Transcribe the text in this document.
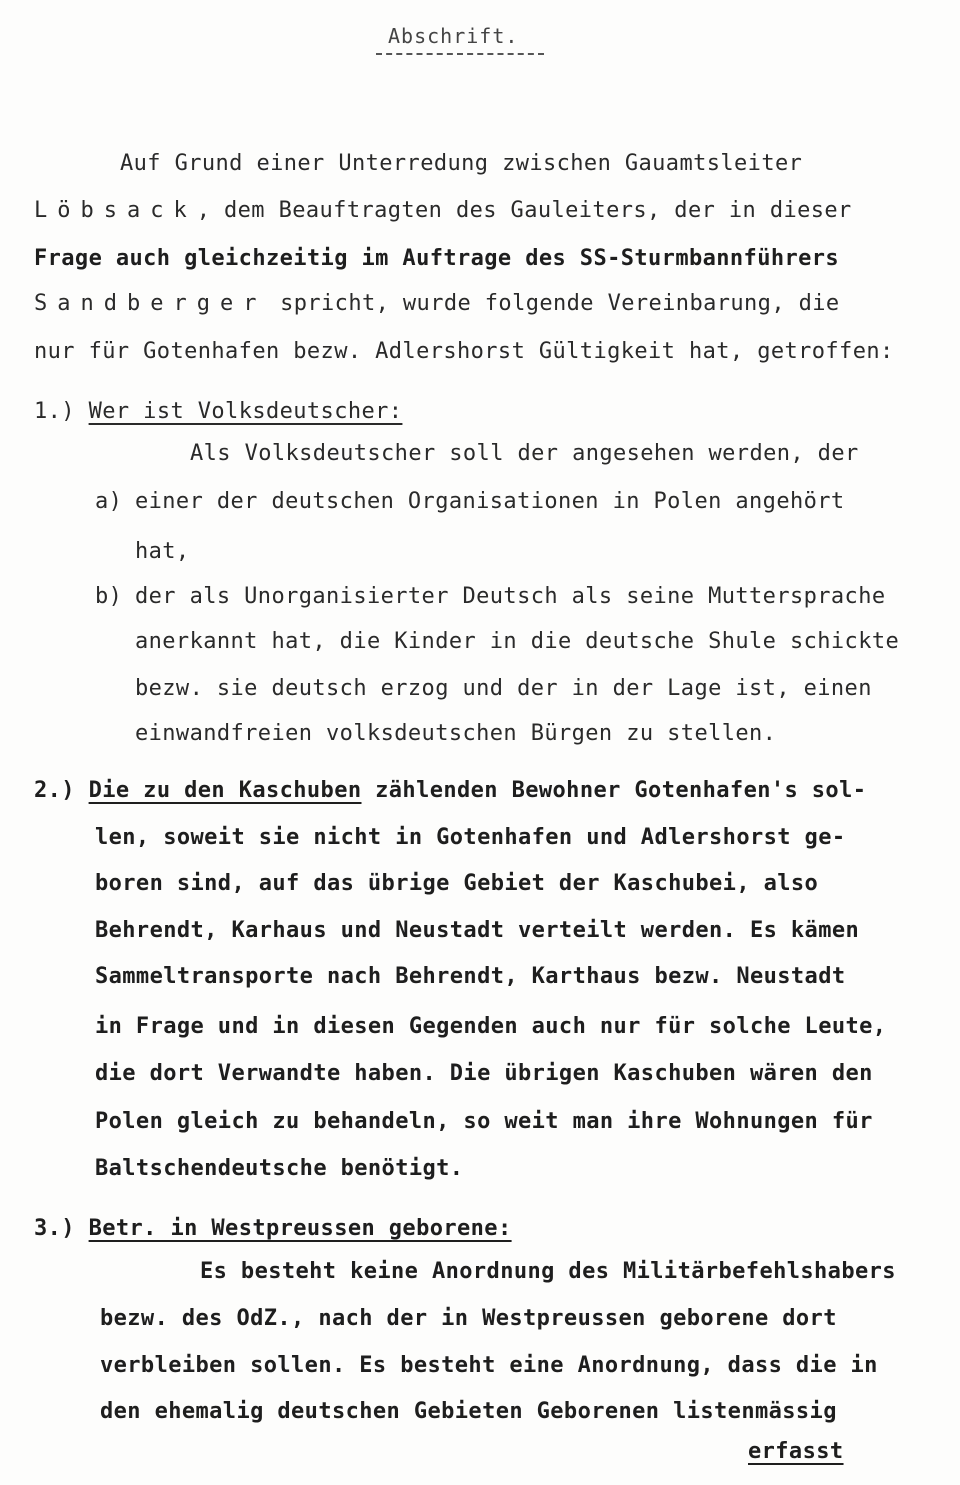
Abschrift.
Auf Grund einer Unterredung zwischen Gauamtsleiter
Löbsack, dem Beauftragten des Gauleiters, der in dieser
Frage auch gleichzeitig im Auftrage des SS-Sturmbannführers
Sandberger spricht, wurde folgende Vereinbarung, die
nur für Gotenhafen bezw. Adlershorst Gültigkeit hat, getroffen:
1.) Wer ist Volksdeutscher:
Als Volksdeutscher soll der angesehen werden, der
a) einer der deutschen Organisationen in Polen angehört
hat,
b) der als Unorganisierter Deutsch als seine Muttersprache
anerkannt hat, die Kinder in die deutsche Shule schickte
bezw. sie deutsch erzog und der in der Lage ist, einen
einwandfreien volksdeutschen Bürgen zu stellen.
2.) Die zu den Kaschuben zählenden Bewohner Gotenhafen's sol-
len, soweit sie nicht in Gotenhafen und Adlershorst ge-
boren sind, auf das übrige Gebiet der Kaschubei, also
Behrendt, Karhaus und Neustadt verteilt werden. Es kämen
Sammeltransporte nach Behrendt, Karthaus bezw. Neustadt
in Frage und in diesen Gegenden auch nur für solche Leute,
die dort Verwandte haben. Die übrigen Kaschuben wären den
Polen gleich zu behandeln, so weit man ihre Wohnungen für
Baltschendeutsche benötigt.
3.) Betr. in Westpreussen geborene:
Es besteht keine Anordnung des Militärbefehlshabers
bezw. des OdZ., nach der in Westpreussen geborene dort
verbleiben sollen. Es besteht eine Anordnung, dass die in
den ehemalig deutschen Gebieten Geborenen listenmässig
erfasst
